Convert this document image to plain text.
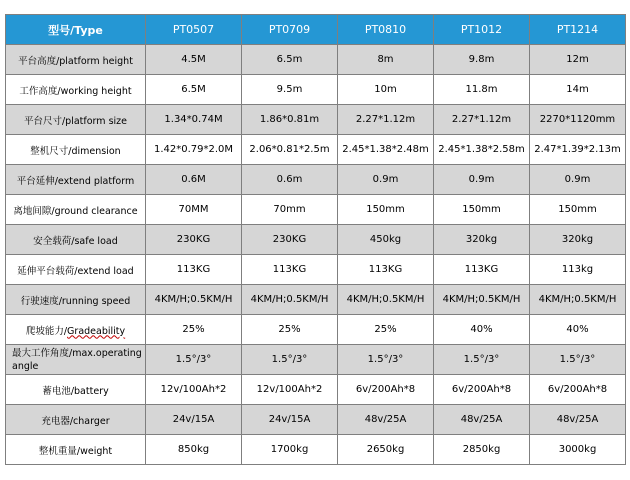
型号/Type	PT0507	PT0709	PT0810	PT1012	PT1214
平台高度/platform height	4.5M	6.5m	8m	9.8m	12m
工作高度/working height	6.5M	9.5m	10m	11.8m	14m
平台尺寸/platform size	1.34*0.74M	1.86*0.81m	2.27*1.12m	2.27*1.12m	2270*1120mm
整机尺寸/dimension	1.42*0.79*2.0M	2.06*0.81*2.5m	2.45*1.38*2.48m	2.45*1.38*2.58m	2.47*1.39*2.13m
平台延伸/extend platform	0.6M	0.6m	0.9m	0.9m	0.9m
离地间隙/ground clearance	70MM	70mm	150mm	150mm	150mm
安全载荷/safe load	230KG	230KG	450kg	320kg	320kg
延伸平台载荷/extend load	113KG	113KG	113KG	113KG	113kg
行驶速度/running speed	4KM/H;0.5KM/H	4KM/H;0.5KM/H	4KM/H;0.5KM/H	4KM/H;0.5KM/H	4KM/H;0.5KM/H
爬坡能力/Gradeability	25%	25%	25%	40%	40%
最大工作角度/max.operating angle	1.5°/3°	1.5°/3°	1.5°/3°	1.5°/3°	1.5°/3°
蓄电池/battery	12v/100Ah*2	12v/100Ah*2	6v/200Ah*8	6v/200Ah*8	6v/200Ah*8
充电器/charger	24v/15A	24v/15A	48v/25A	48v/25A	48v/25A
整机重量/weight	850kg	1700kg	2650kg	2850kg	3000kg
